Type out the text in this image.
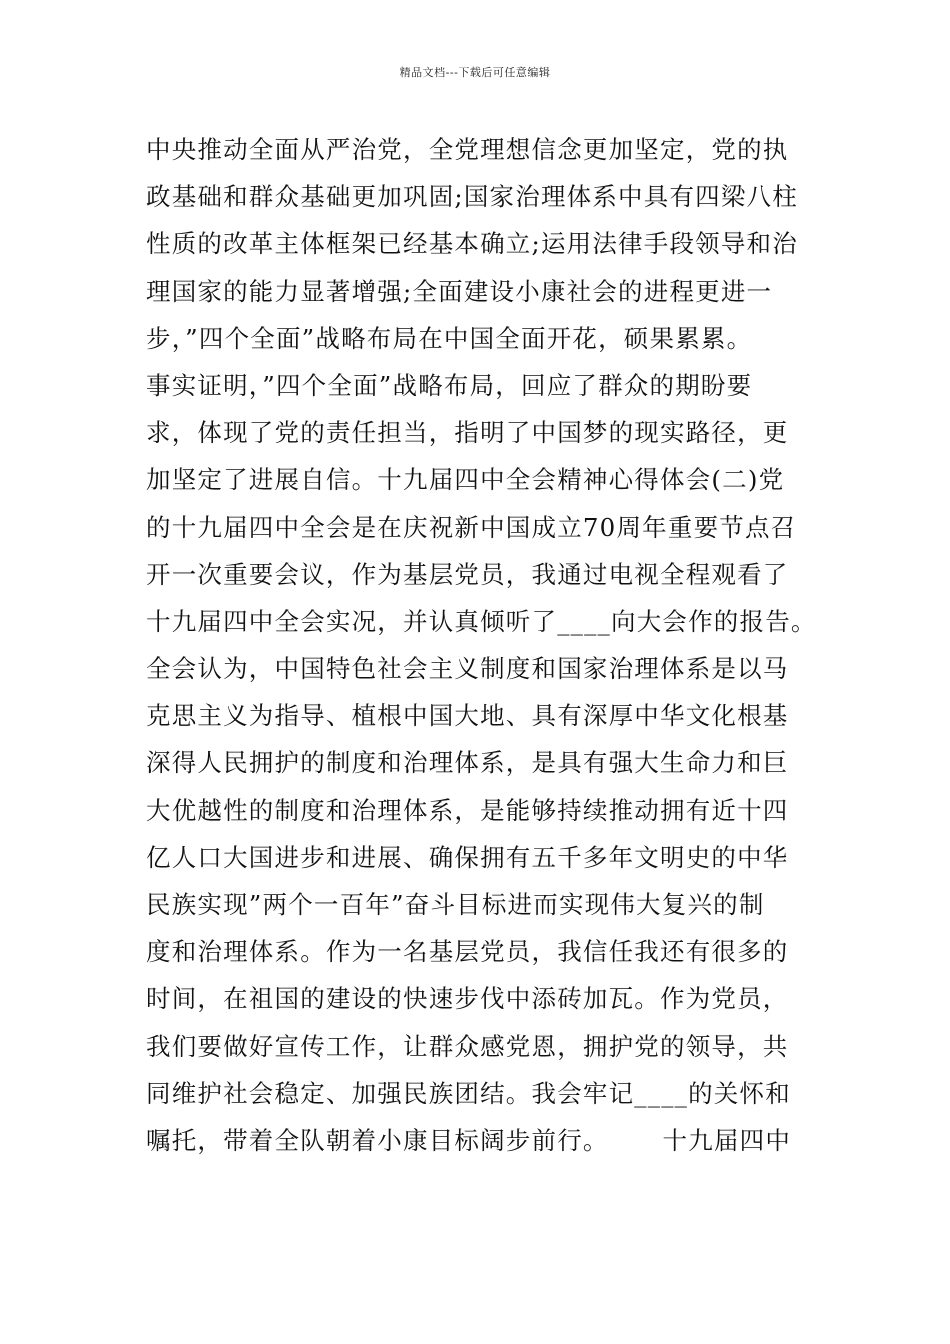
精品文档---下载后可任意编辑
中央推动全面从严治党，全党理想信念更加坚定，党的执
政基础和群众基础更加巩固;国家治理体系中具有四梁八柱
性质的改革主体框架已经基本确立;运用法律手段领导和治
理国家的能力显著增强;全面建设小康社会的进程更进一
步，”四个全面”战略布局在中国全面开花，硕果累累。
事实证明，”四个全面”战略布局，回应了群众的期盼要
求，体现了党的责任担当，指明了中国梦的现实路径，更
加坚定了进展自信。十九届四中全会精神心得体会(二)党
的十九届四中全会是在庆祝新中国成立70周年重要节点召
开一次重要会议，作为基层党员，我通过电视全程观看了
十九届四中全会实况，并认真倾听了____向大会作的报告。
全会认为，中国特色社会主义制度和国家治理体系是以马
克思主义为指导、植根中国大地、具有深厚中华文化根基
深得人民拥护的制度和治理体系，是具有强大生命力和巨
大优越性的制度和治理体系，是能够持续推动拥有近十四
亿人口大国进步和进展、确保拥有五千多年文明史的中华
民族实现”两个一百年”奋斗目标进而实现伟大复兴的制
度和治理体系。作为一名基层党员，我信任我还有很多的
时间，在祖国的建设的快速步伐中添砖加瓦。作为党员，
我们要做好宣传工作，让群众感党恩，拥护党的领导，共
同维护社会稳定、加强民族团结。我会牢记____的关怀和
嘱托，带着全队朝着小康目标阔步前行。      十九届四中
